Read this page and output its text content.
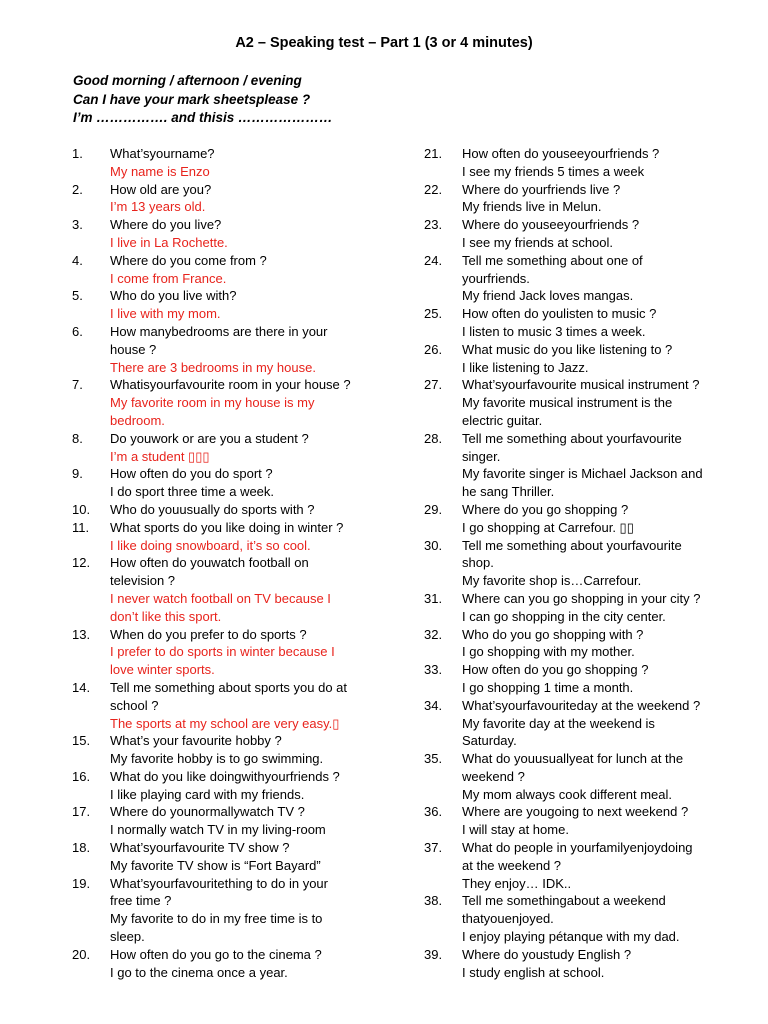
A2 – Speaking test – Part 1 (3 or 4 minutes)
Good morning / afternoon / evening
Can I have your mark sheetsplease ?
I’m ……………. and thisis …………………
1.	What’syourname?
My name is Enzo
2.	How old are you?
I’m 13 years old.
3.	Where do you live?
I live in La Rochette.
4.	Where do you come from ?
I come from France.
5.	Who do you live with?
I live with my mom.
6.	How manybedrooms are there in your
house ?
There are 3 bedrooms in my house.
7.	Whatisyourfavourite room in your house ?
My favorite room in my house is my
bedroom.
8.	Do youwork or are you a student ?
I’m a student ▯▯▯
9.	How often do you do sport ?
I do sport three time a week.
10.	Who do youusually do sports with ?
11.	What sports do you like doing in winter ?
I like doing snowboard, it’s so cool.
12.	How often do youwatch football on
television ?
I never watch football on TV because I
don’t like this sport.
13.	When do you prefer to do sports ?
I prefer to do sports in winter because I
love winter sports.
14.	Tell me something about sports you do at
school ?
The sports at my school are very easy.▯
15.	What’s your favourite hobby ?
My favorite hobby is to go swimming.
16.	What do you like doingwithyourfriends ?
I like playing card with my friends.
17.	Where do younormallywatch TV ?
I normally watch TV in my living-room
18.	What’syourfavourite TV show ?
My favorite TV show is “Fort Bayard”
19.	What’syourfavouritething to do in your
free time ?
My favorite to do in my free time is to
sleep.
20.	How often do you go to the cinema ?
I go to the cinema once a year.
21.	How often do youseeyourfriends ?
I see my friends 5 times a week
22.	Where do yourfriends live ?
My friends live in Melun.
23.	Where do youseeyourfriends ?
I see my friends at school.
24.	Tell me something about one of
yourfriends.
My friend Jack loves mangas.
25.	How often do youlisten to music ?
I listen to music 3 times a week.
26.	What music do you like listening to ?
I like listening to Jazz.
27.	What’syourfavourite musical instrument ?
My favorite musical instrument is the
electric guitar.
28.	Tell me something about yourfavourite
singer.
My favorite singer is Michael Jackson and
he sang Thriller.
29.	Where do you go shopping ?
I go shopping at Carrefour. ▯▯
30.	Tell me something about yourfavourite
shop.
My favorite shop is…Carrefour.
31.	Where can you go shopping in your city ?
I can go shopping in the city center.
32.	Who do you go shopping with ?
I go shopping with my mother.
33.	How often do you go shopping ?
I go shopping 1 time a month.
34.	What’syourfavouriteday at the weekend ?
My favorite day at the weekend is
Saturday.
35.	What do youusuallyeat for lunch at the
weekend ?
My mom always cook different meal.
36.	Where are yougoing to next weekend ?
I will stay at home.
37.	What do people in yourfamilyenjoydoing
at the weekend ?
They enjoy… IDK..
38.	Tell me somethingabout a weekend
thatyouenjoyed.
I enjoy playing pétanque with my dad.
39.	Where do youstudy English ?
I study english at school.
